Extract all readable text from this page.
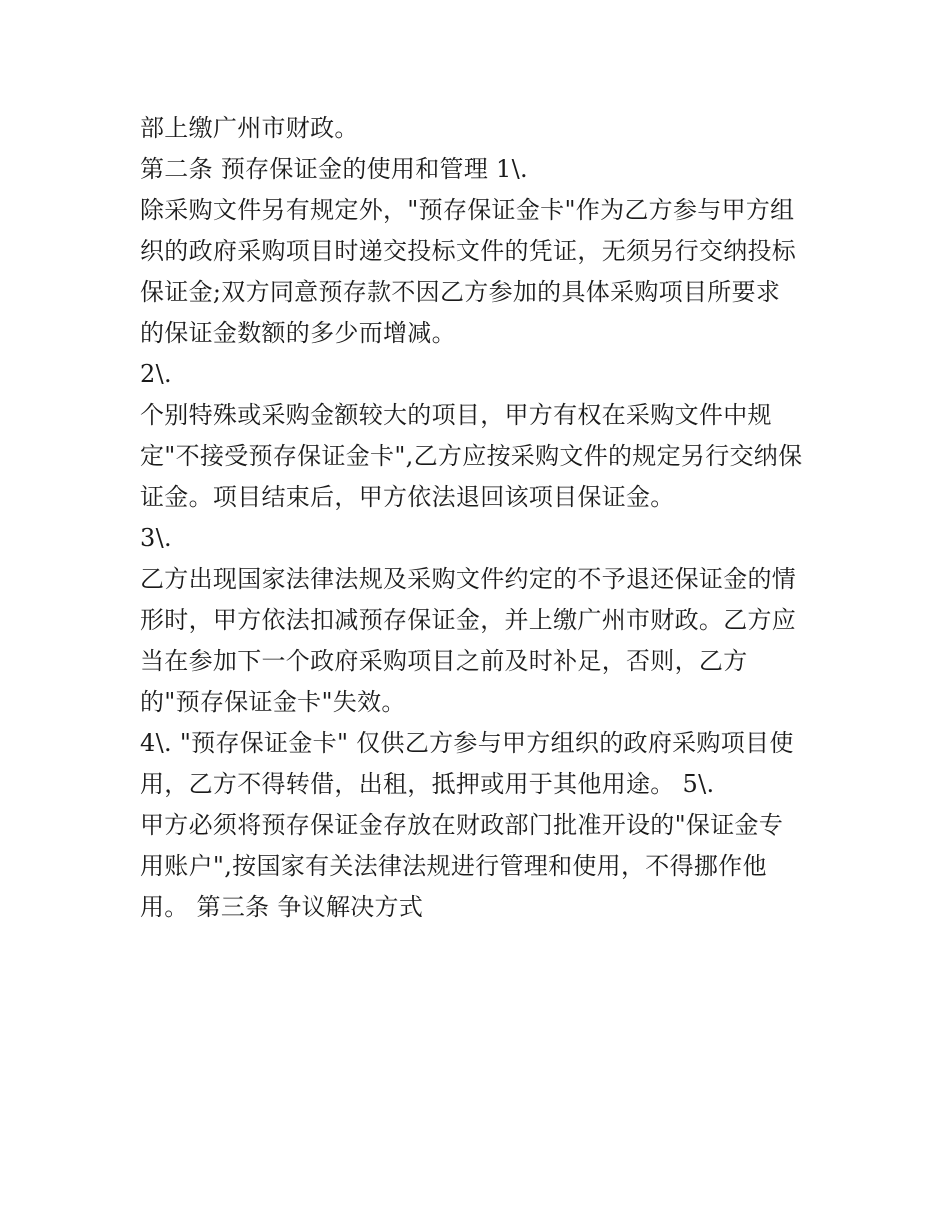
部上缴广州市财政。
第二条 预存保证金的使用和管理 1\.
除采购文件另有规定外，"预存保证金卡"作为乙方参与甲方组
织的政府采购项目时递交投标文件的凭证，无须另行交纳投标
保证金;双方同意预存款不因乙方参加的具体采购项目所要求
的保证金数额的多少而增减。
2\.
个别特殊或采购金额较大的项目，甲方有权在采购文件中规
定"不接受预存保证金卡",乙方应按采购文件的规定另行交纳保
证金。项目结束后，甲方依法退回该项目保证金。
3\.
乙方出现国家法律法规及采购文件约定的不予退还保证金的情
形时，甲方依法扣减预存保证金，并上缴广州市财政。乙方应
当在参加下一个政府采购项目之前及时补足，否则，乙方
的"预存保证金卡"失效。
4\. "预存保证金卡" 仅供乙方参与甲方组织的政府采购项目使
用，乙方不得转借，出租，抵押或用于其他用途。 5\.
甲方必须将预存保证金存放在财政部门批准开设的"保证金专
用账户",按国家有关法律法规进行管理和使用，不得挪作他
用。 第三条 争议解决方式
